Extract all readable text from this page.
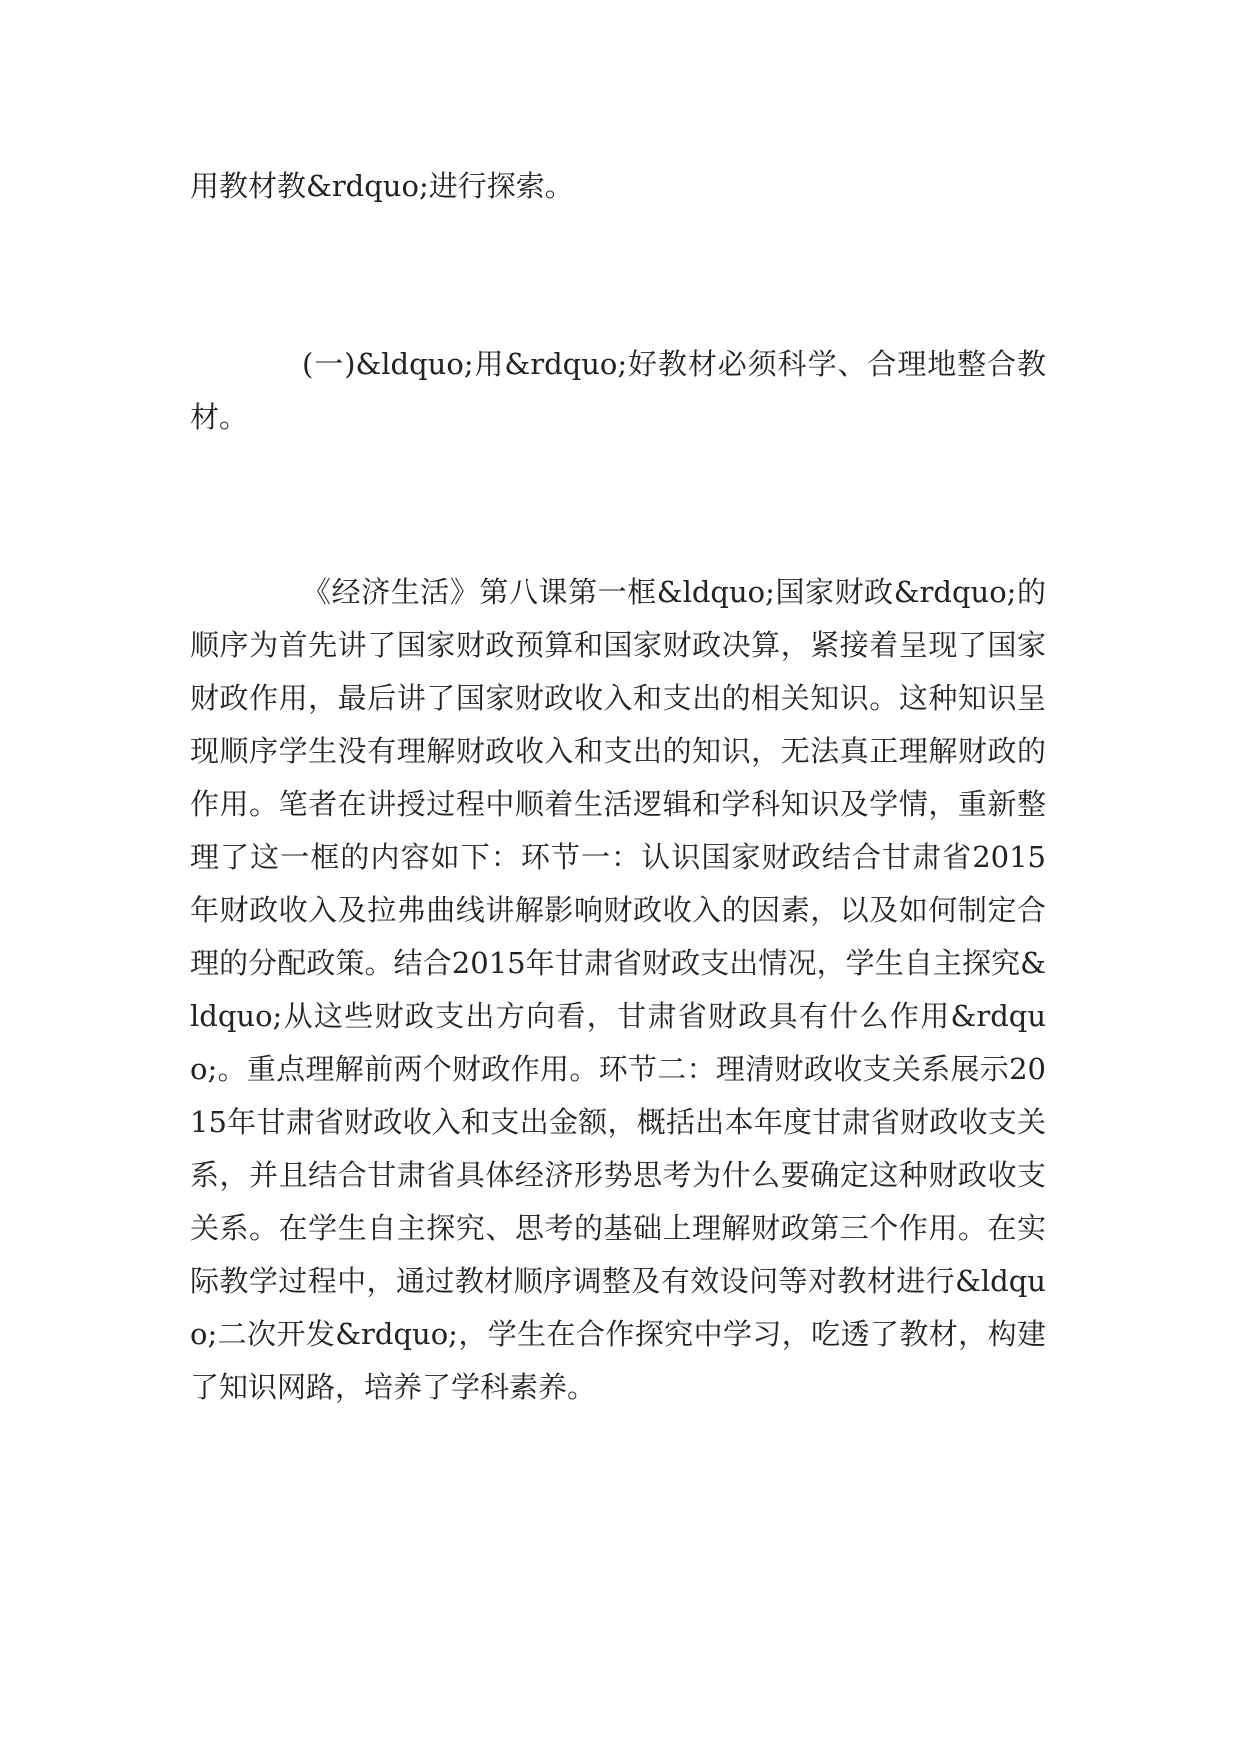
用教材教&rdquo;进行探索。

(一)&ldquo;用&rdquo;好教材必须科学、合理地整合教材。

《经济生活》第八课第一框&ldquo;国家财政&rdquo;的顺序为首先讲了国家财政预算和国家财政决算，紧接着呈现了国家财政作用，最后讲了国家财政收入和支出的相关知识。这种知识呈现顺序学生没有理解财政收入和支出的知识，无法真正理解财政的作用。笔者在讲授过程中顺着生活逻辑和学科知识及学情，重新整理了这一框的内容如下：环节一：认识国家财政结合甘肃省2015年财政收入及拉弗曲线讲解影响财政收入的因素，以及如何制定合理的分配政策。结合2015年甘肃省财政支出情况，学生自主探究&ldquo;从这些财政支出方向看，甘肃省财政具有什么作用&rdquo;。重点理解前两个财政作用。环节二：理清财政收支关系展示2015年甘肃省财政收入和支出金额，概括出本年度甘肃省财政收支关系，并且结合甘肃省具体经济形势思考为什么要确定这种财政收支关系。在学生自主探究、思考的基础上理解财政第三个作用。在实际教学过程中，通过教材顺序调整及有效设问等对教材进行&ldquo;二次开发&rdquo;，学生在合作探究中学习，吃透了教材，构建了知识网路，培养了学科素养。
